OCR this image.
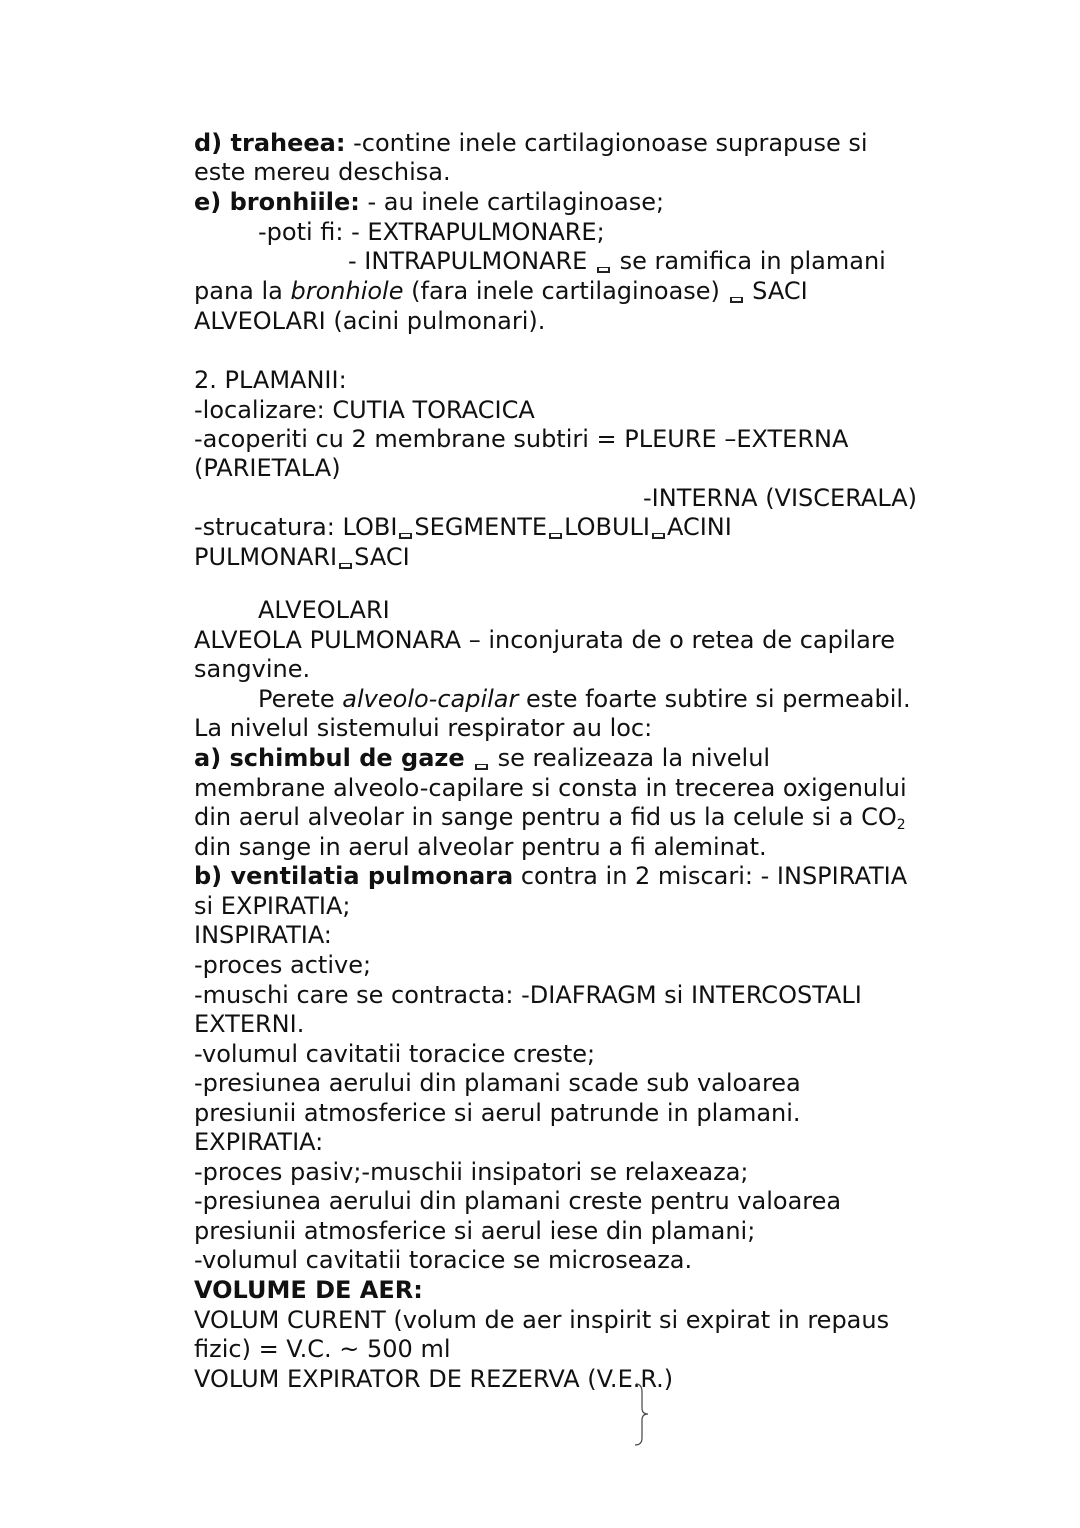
d) traheea: -contine inele cartilagionoase suprapuse si
este mereu deschisa.
e) bronhiile: - au inele cartilaginoase;
-poti fi: - EXTRAPULMONARE;
- INTRAPULMONARE  se ramifica in plamani
pana la bronhiole (fara inele cartilaginoase)  SACI
ALVEOLARI (acini pulmonari).
2. PLAMANII:
-localizare: CUTIA TORACICA
-acoperiti cu 2 membrane subtiri = PLEURE –EXTERNA
(PARIETALA)
-INTERNA (VISCERALA)
-strucatura: LOBI SEGMENTE LOBULI ACINI
PULMONARI SACI
ALVEOLARI
ALVEOLA PULMONARA – inconjurata de o retea de capilare
sangvine.
Perete alveolo-capilar este foarte subtire si permeabil.
La nivelul sistemului respirator au loc:
a) schimbul de gaze  se realizeaza la nivelul
membrane alveolo-capilare si consta in trecerea oxigenului
din aerul alveolar in sange pentru a fid us la celule si a $CO_2$
din sange in aerul alveolar pentru a fi aleminat.
b) ventilatia pulmonara contra in 2 miscari: - INSPIRATIA
si EXPIRATIA;
INSPIRATIA:
-proces active;
-muschi care se contracta: -DIAFRAGM si INTERCOSTALI
EXTERNI.
-volumul cavitatii toracice creste;
-presiunea aerului din plamani scade sub valoarea
presiunii atmosferice si aerul patrunde in plamani.
EXPIRATIA:
-proces pasiv;-muschii insipatori se relaxeaza;
-presiunea aerului din plamani creste pentru valoarea
presiunii atmosferice si aerul iese din plamani;
-volumul cavitatii toracice se microseaza.
VOLUME DE AER:
VOLUM CURENT (volum de aer inspirit si expirat in repaus
fizic) = V.C. ~ 500 ml
VOLUM EXPIRATOR DE REZERVA (V.E.R.)
